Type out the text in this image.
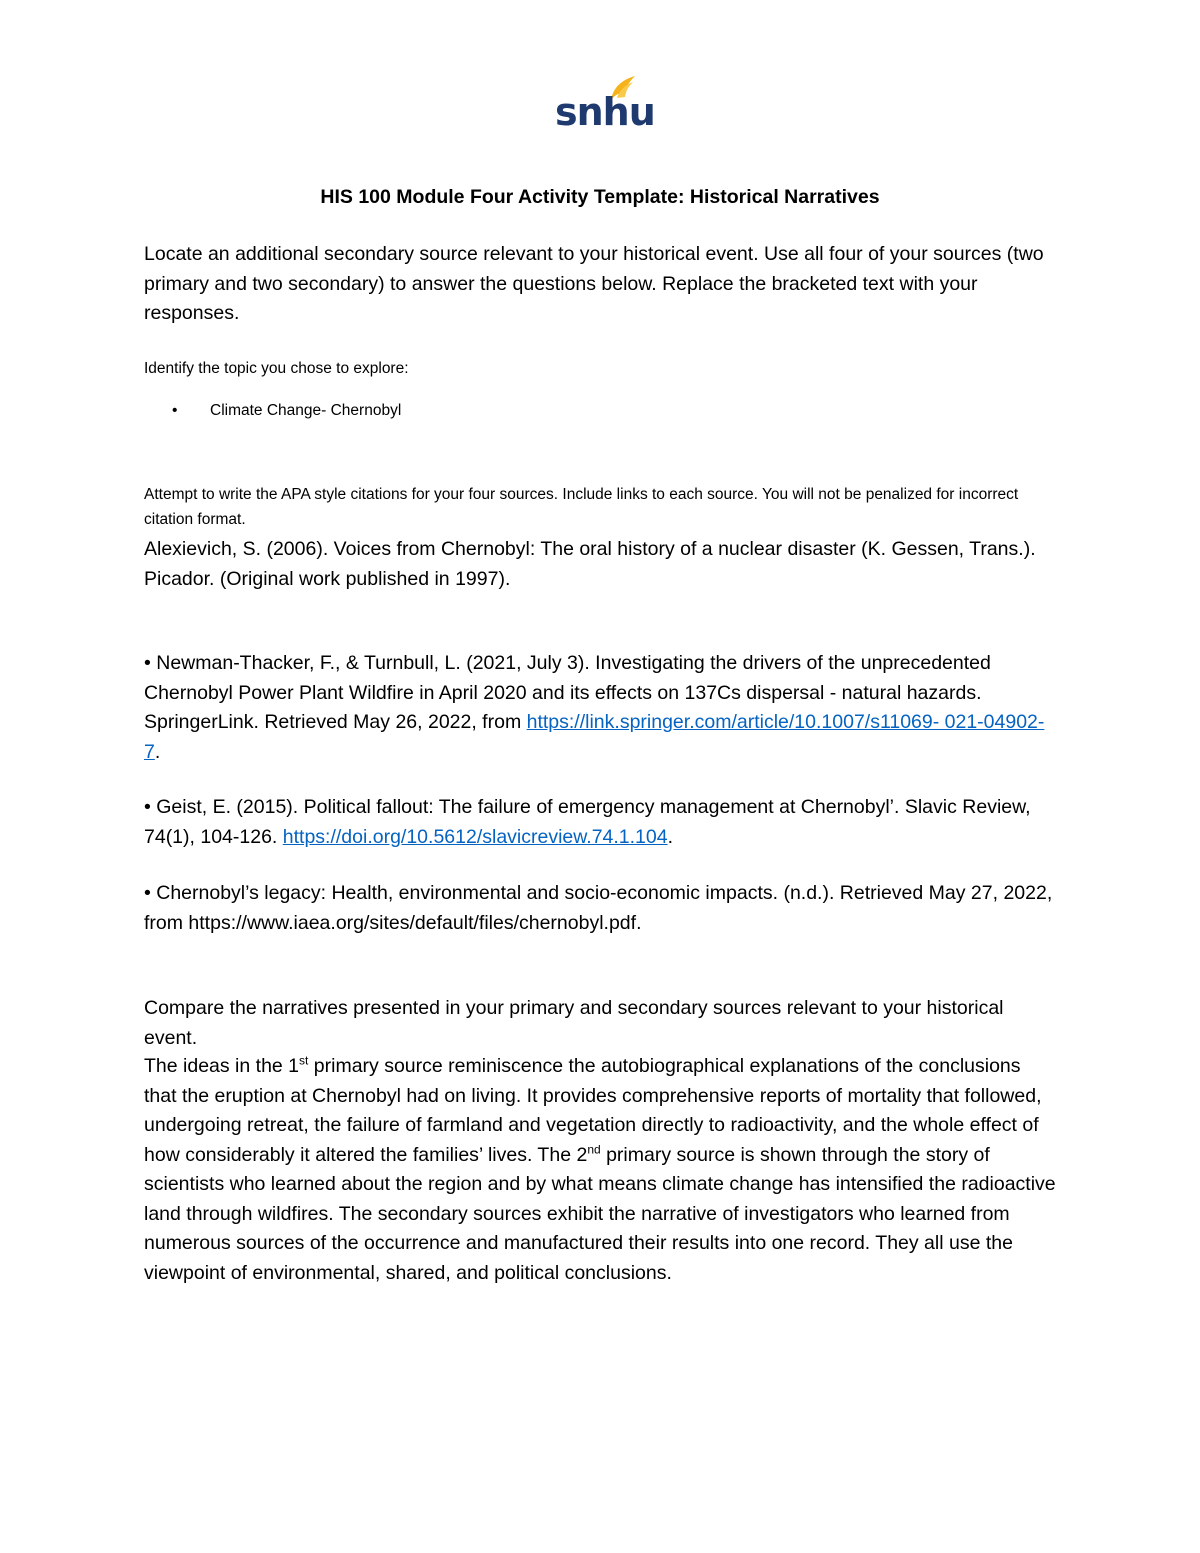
snhu
HIS 100 Module Four Activity Template: Historical Narratives
Locate an additional secondary source relevant to your historical event. Use all four of your sources (two primary and two secondary) to answer the questions below. Replace the bracketed text with your responses.
Identify the topic you chose to explore:
• Climate Change- Chernobyl
Attempt to write the APA style citations for your four sources. Include links to each source. You will not be penalized for incorrect citation format.
Alexievich, S. (2006). Voices from Chernobyl: The oral history of a nuclear disaster (K. Gessen, Trans.). Picador. (Original work published in 1997).
• Newman-Thacker, F., & Turnbull, L. (2021, July 3). Investigating the drivers of the unprecedented Chernobyl Power Plant Wildfire in April 2020 and its effects on 137Cs dispersal - natural hazards. SpringerLink. Retrieved May 26, 2022, from https://link.springer.com/article/10.1007/s11069- 021-04902-7.
• Geist, E. (2015). Political fallout: The failure of emergency management at Chernobyl’. Slavic Review, 74(1), 104-126. https://doi.org/10.5612/slavicreview.74.1.104.
• Chernobyl’s legacy: Health, environmental and socio-economic impacts. (n.d.). Retrieved May 27, 2022, from https://www.iaea.org/sites/default/files/chernobyl.pdf.
Compare the narratives presented in your primary and secondary sources relevant to your historical event.
The ideas in the 1st primary source reminiscence the autobiographical explanations of the conclusions that the eruption at Chernobyl had on living. It provides comprehensive reports of mortality that followed, undergoing retreat, the failure of farmland and vegetation directly to radioactivity, and the whole effect of how considerably it altered the families’ lives. The 2nd primary source is shown through the story of scientists who learned about the region and by what means climate change has intensified the radioactive land through wildfires. The secondary sources exhibit the narrative of investigators who learned from numerous sources of the occurrence and manufactured their results into one record. They all use the viewpoint of environmental, shared, and political conclusions.
